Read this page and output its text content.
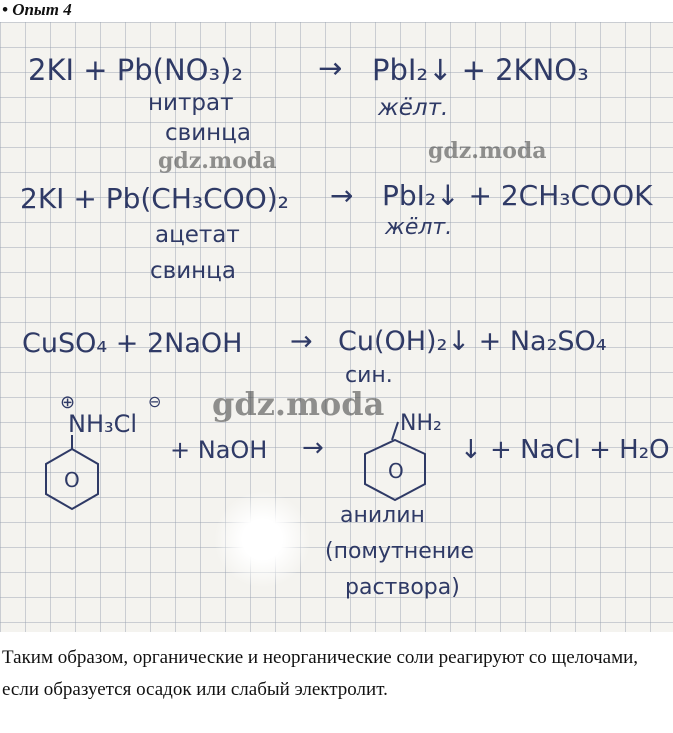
• Опыт 4
2KI + Pb(NO₃)₂	→ PbI₂↓ + 2KNO₃
нитрат
свинца
жёлт.
gdz.moda	gdz.moda
2KI + Pb(CH₃COO)₂ → PbI₂↓ + 2CH₃COOK
ацетат
свинца
жёлт.
CuSO₄ + 2NaOH → Cu(OH)₂↓ + Na₂SO₄
син.
⊕	⊖
NH₃Cl
O
+ NaOH →
NH₂
O
↓ + NaCl + H₂O
анилин
(помутнение
раствора)
gdz.moda
Таким образом, органические и неорганические соли реагируют со щелочами, если образуется осадок или слабый электролит.
